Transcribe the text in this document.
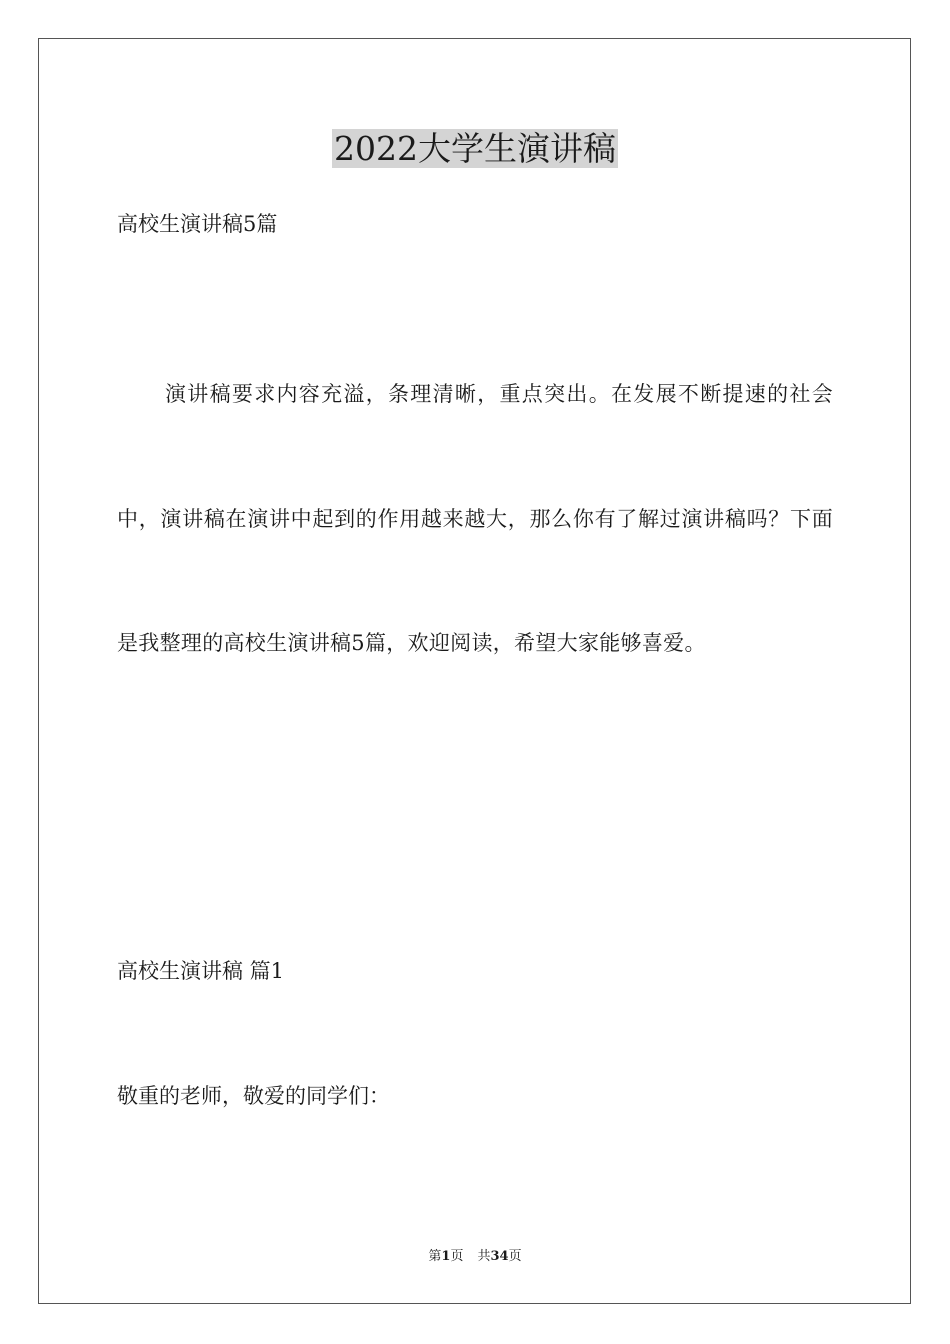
2022大学生演讲稿

高校生演讲稿5篇

演讲稿要求内容充溢，条理清晰，重点突出。在发展不断提速的社会中，演讲稿在演讲中起到的作用越来越大，那么你有了解过演讲稿吗？下面是我整理的高校生演讲稿5篇，欢迎阅读，希望大家能够喜爱。

高校生演讲稿 篇1

敬重的老师，敬爱的同学们：

第1页 共34页
